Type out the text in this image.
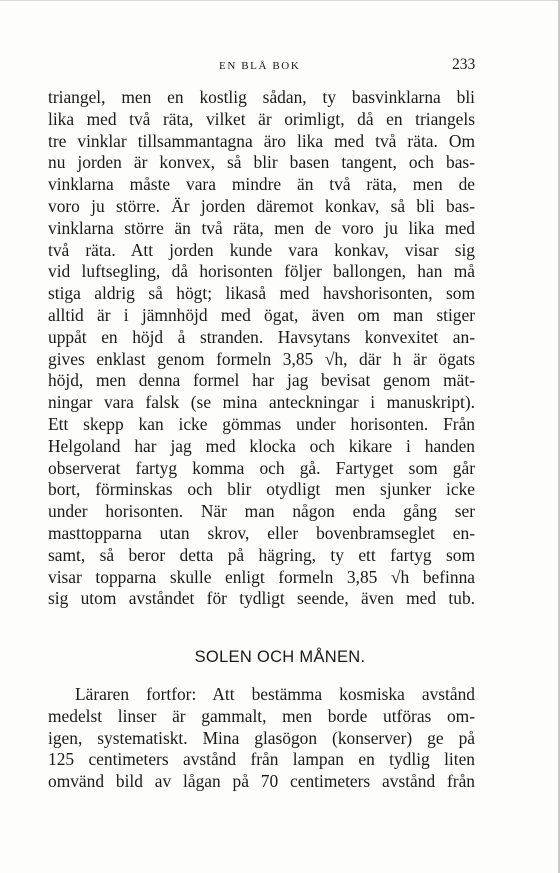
EN BLÅ BOK	233
triangel, men en kostlig sådan, ty basvinklarna bli
lika med två räta, vilket är orimligt, då en triangels
tre vinklar tillsammantagna äro lika med två räta. Om
nu jorden är konvex, så blir basen tangent, och bas-
vinklarna måste vara mindre än två räta, men de
voro ju större. Är jorden däremot konkav, så bli bas-
vinklarna större än två räta, men de voro ju lika med
två räta. Att jorden kunde vara konkav, visar sig
vid luftsegling, då horisonten följer ballongen, han må
stiga aldrig så högt; likaså med havshorisonten, som
alltid är i jämnhöjd med ögat, även om man stiger
uppåt en höjd å stranden. Havsytans konvexitet an-
gives enklast genom formeln 3,85 √h, där h är ögats
höjd, men denna formel har jag bevisat genom mät-
ningar vara falsk (se mina anteckningar i manuskript).
Ett skepp kan icke gömmas under horisonten. Från
Helgoland har jag med klocka och kikare i handen
observerat fartyg komma och gå. Fartyget som går
bort, förminskas och blir otydligt men sjunker icke
under horisonten. När man någon enda gång ser
masttopparna utan skrov, eller bovenbramseglet en-
samt, så beror detta på hägring, ty ett fartyg som
visar topparna skulle enligt formeln 3,85 √h befinna
sig utom avståndet för tydligt seende, även med tub.
SOLEN OCH MÅNEN.
Läraren fortfor: Att bestämma kosmiska avstånd
medelst linser är gammalt, men borde utföras om-
igen, systematiskt. Mina glasögon (konserver) ge på
125 centimeters avstånd från lampan en tydlig liten
omvänd bild av lågan på 70 centimeters avstånd från
